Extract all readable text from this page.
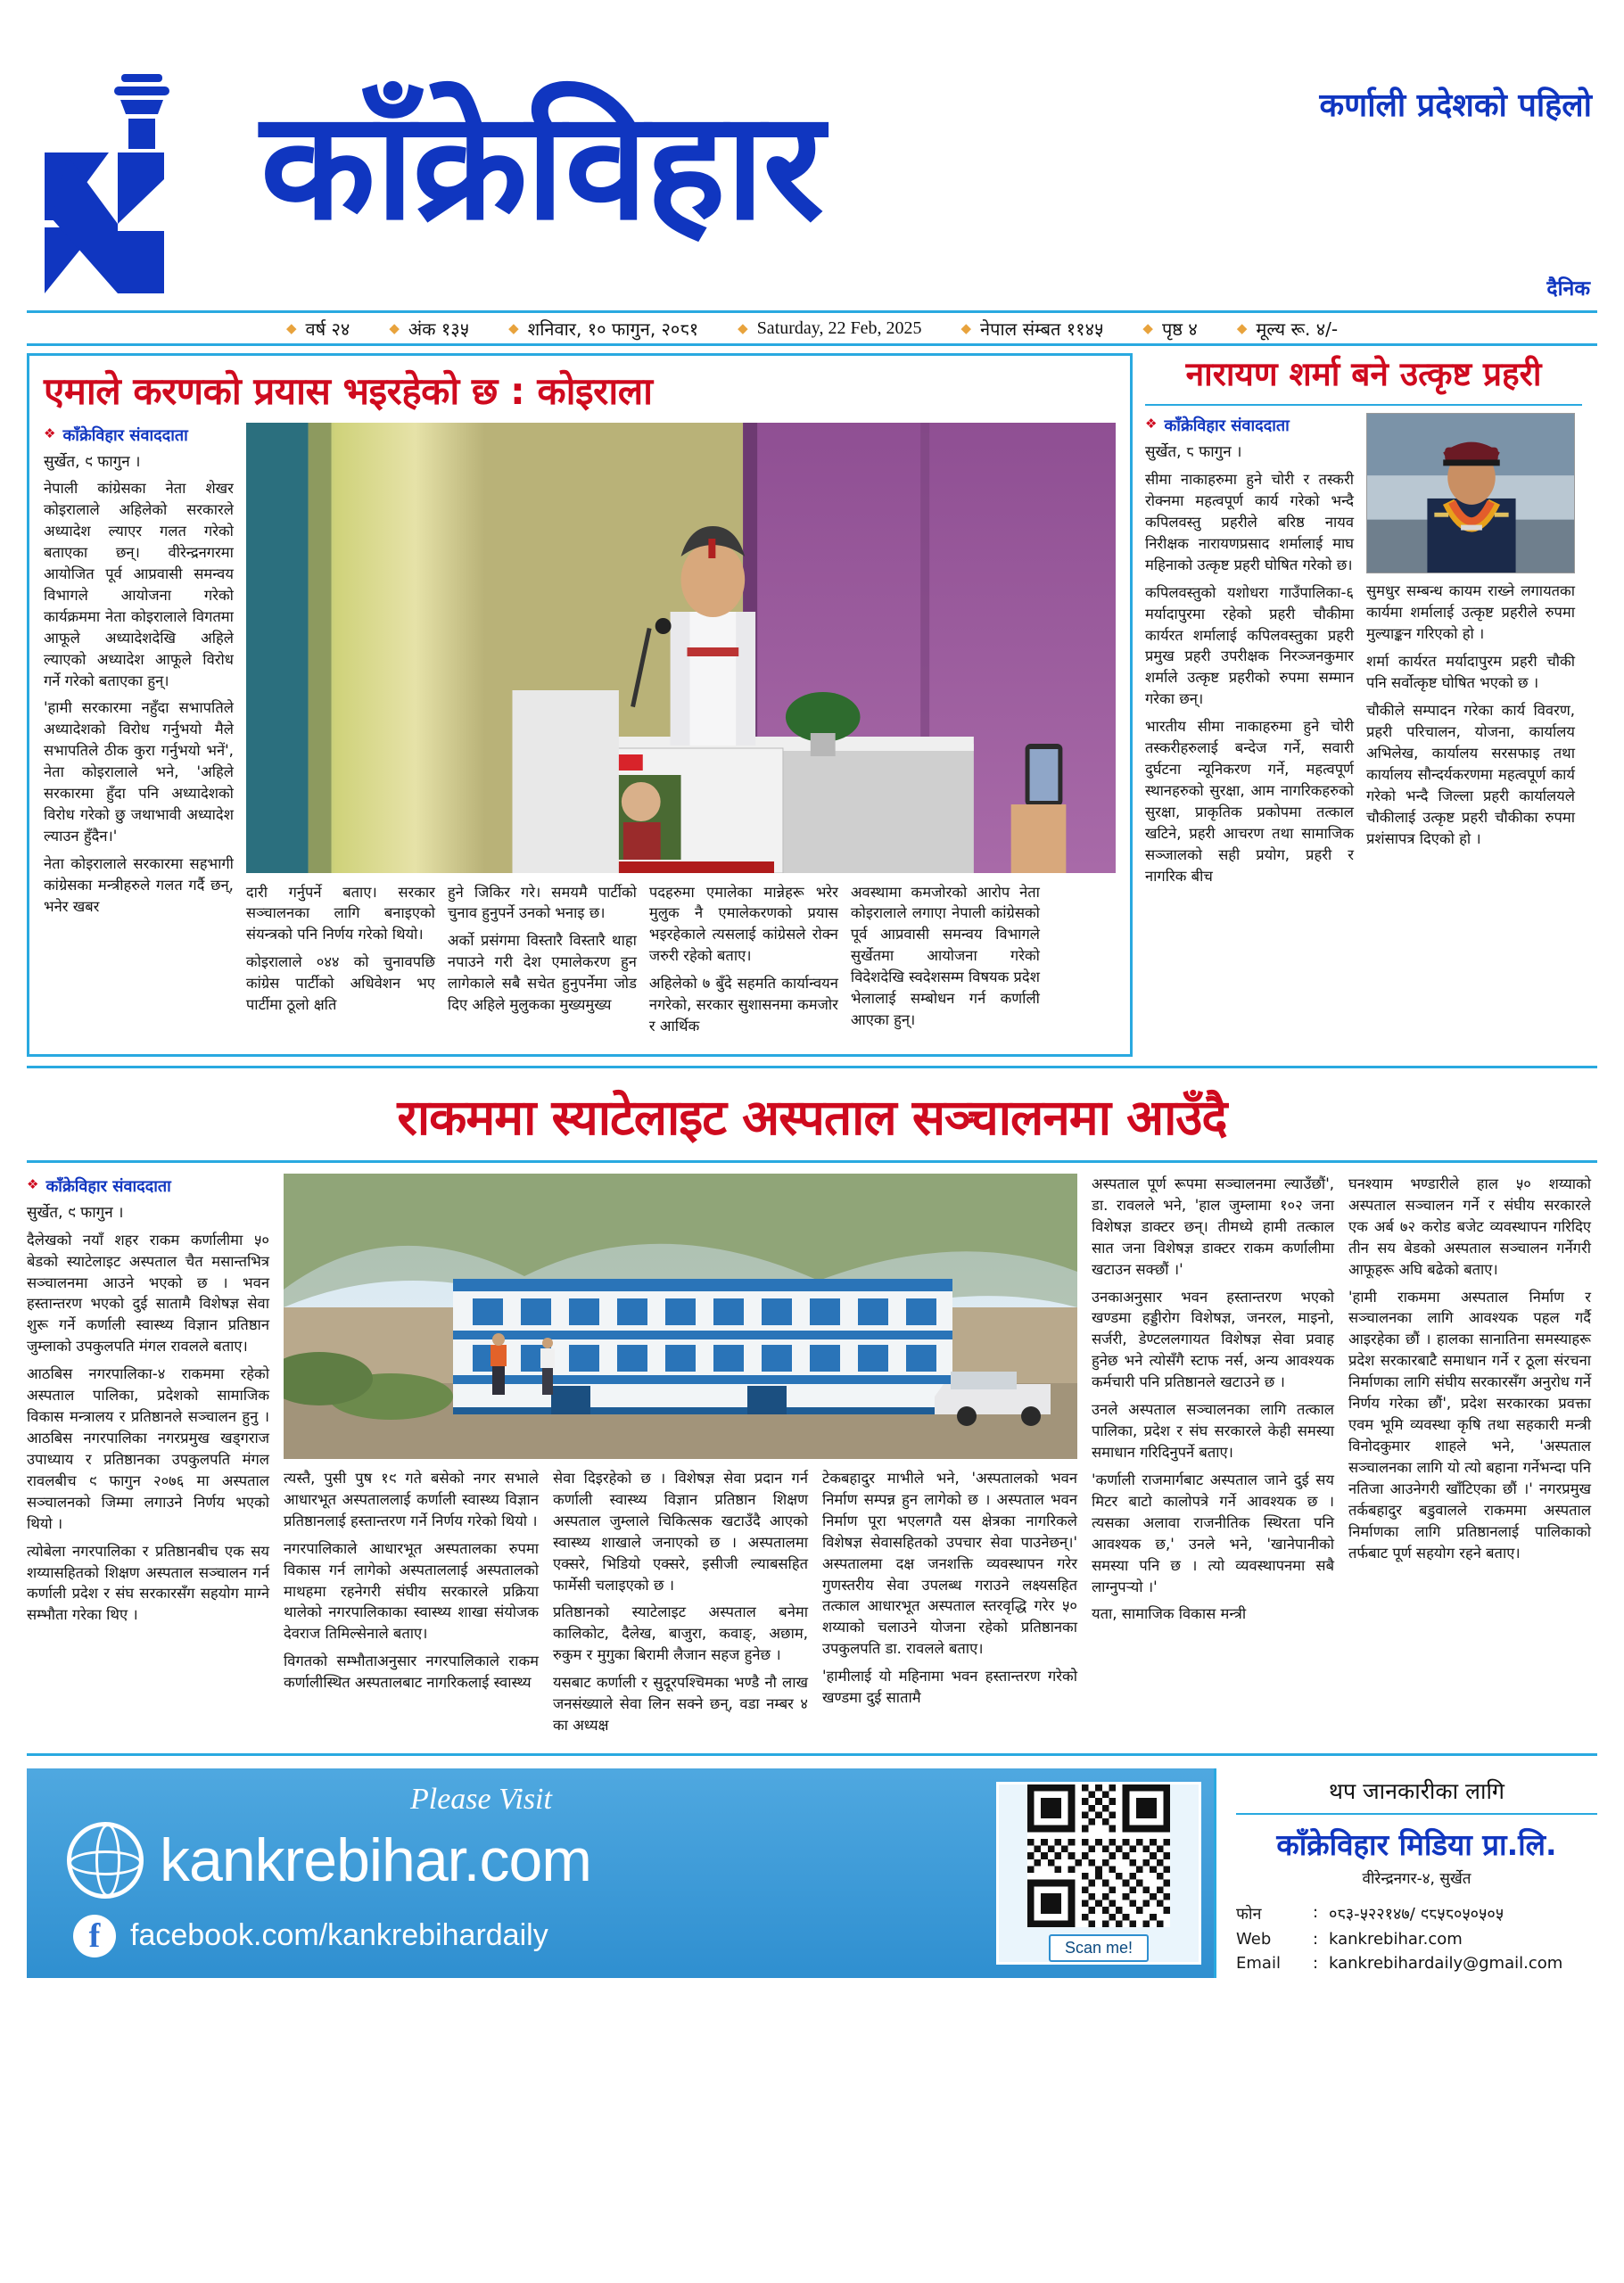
कर्णाली प्रदेशको पहिलो
काँक्रेविहार
दैनिक
◆ वर्ष २४	◆ अंक १३५	◆ शनिवार, १० फागुन, २०८१	◆ Saturday, 22 Feb, 2025	◆ नेपाल संम्बत ११४५	◆ पृष्ठ ४	◆ मूल्य रू. ४/-
एमाले करणको प्रयास भइरहेको छ : कोइराला
❖ काँक्रेविहार संवाददाता
सुर्खेत, ९ फागुन ।

नेपाली कांग्रेसका नेता शेखर कोइरालाले अहिलेको सरकारले अध्यादेश ल्याएर गलत गरेको बताएका छन्। वीरेन्द्रनगरमा आयोजित पूर्व आप्रवासी समन्वय विभागले आयोजना गरेको कार्यक्रममा नेता कोइरालाले विगतमा आफूले अध्यादेशदेखि अहिले ल्याएको अध्यादेश आफूले विरोध गर्ने गरेको बताएका हुन्।

'हामी सरकारमा नहुँदा सभापतिले अध्यादेशको विरोध गर्नुभयो मैले सभापतिले ठीक कुरा गर्नुभयो भनें', नेता कोइरालाले भने, 'अहिले सरकारमा हुँदा पनि अध्यादेशको विरोध गरेको छु जथाभावी अध्यादेश ल्याउन हुँदैन।'

नेता कोइरालाले सरकारमा सहभागी कांग्रेसका मन्त्रीहरुले गलत गर्दै छन्, भनेर खबर

दारी गर्नुपर्ने बताए। सरकार सञ्चालनका लागि बनाइएको संयन्त्रको पनि निर्णय गरेको थियो।

कोइरालाले ०४४ को चुनावपछि कांग्रेस पार्टीको अधिवेशन भए पार्टीमा ठूलो क्षति

हुने जिकिर गरे। समयमै पार्टीको चुनाव हुनुपर्ने उनको भनाइ छ।

अर्को प्रसंगमा विस्तारै विस्तारै थाहा नपाउने गरी देश एमालेकरण हुन लागेकाले सबै सचेत हुनुपर्नेमा जोड दिए अहिले मुलुकका मुख्यमुख्य

पदहरुमा एमालेका मान्नेहरू भरेर मुलुक नै एमालेकरणको प्रयास भइरहेकाले त्यसलाई कांग्रेसले रोक्न जरुरी रहेको बताए।

अहिलेको ७ बुँदे सहमति कार्यान्वयन नगरेको, सरकार सुशासनमा कमजोर र आर्थिक

अवस्थामा कमजोरको आरोप नेता कोइरालाले लगाएा नेपाली कांग्रेसको पूर्व आप्रवासी समन्वय विभागले सुर्खेतमा आयोजना गरेको विदेशदेखि स्वदेशसम्म विषयक प्रदेश भेलालाई सम्बोधन गर्न कर्णाली आएका हुन्।

नारायण शर्मा बने उत्कृष्ट प्रहरी
❖ काँक्रेविहार संवाददाता
सुर्खेत, ८ फागुन ।

सीमा नाकाहरुमा हुने चोरी र तस्करी रोक्नमा महत्वपूर्ण कार्य गरेको भन्दै कपिलवस्तु प्रहरीले बरिष्ठ नायव निरीक्षक नारायणप्रसाद शर्मालाई माघ महिनाको उत्कृष्ट प्रहरी घोषित गरेको छ।

कपिलवस्तुको यशोधरा गाउँपालिका-६ मर्यादापुरमा रहेको प्रहरी चौकीमा कार्यरत शर्मालाई कपिलवस्तुका प्रहरी प्रमुख प्रहरी उपरीक्षक निरञ्जनकुमार शर्माले उत्कृष्ट प्रहरीको रुपमा सम्मान गरेका छन्।

भारतीय सीमा नाकाहरुमा हुने चोरी तस्करीहरुलाई बन्देज गर्ने, सवारी दुर्घटना न्यूनिकरण गर्ने, महत्वपूर्ण स्थानहरुको सुरक्षा, आम नागरिकहरुको सुरक्षा, प्राकृतिक प्रकोपमा तत्काल खटिने, प्रहरी आचरण तथा सामाजिक सञ्जालको सही प्रयोग, प्रहरी र नागरिक बीच

सुमधुर सम्बन्ध कायम राख्ने लगायतका कार्यमा शर्मालाई उत्कृष्ट प्रहरीले रुपमा मुल्याङ्कन गरिएको हो ।

शर्मा कार्यरत मर्यादापुरम प्रहरी चौकी पनि सर्वोत्कृष्ट घोषित भएको छ ।

चौकीले सम्पादन गरेका कार्य विवरण, प्रहरी परिचालन, योजना, कार्यालय अभिलेख, कार्यालय सरसफाइ तथा कार्यालय सौन्दर्यकरणमा महत्वपूर्ण कार्य गरेको भन्दै जिल्ला प्रहरी कार्यालयले चौकीलाई उत्कृष्ट प्रहरी चौकीका रुपमा प्रशंसापत्र दिएको हो ।

राकममा स्याटेलाइट अस्पताल सञ्चालनमा आउँदै
❖ काँक्रेविहार संवाददाता
सुर्खेत, ९ फागुन ।

दैलेखको नयाँ शहर राकम कर्णालीमा ५० बेडको स्याटेलाइट अस्पताल चैत मसान्तभित्र सञ्चालनमा आउने भएको छ । भवन हस्तान्तरण भएको दुई सातामै विशेषज्ञ सेवा शुरू गर्ने कर्णाली स्वास्थ्य विज्ञान प्रतिष्ठान जुम्लाको उपकुलपति मंगल रावलले बताए।

आठबिस नगरपालिका-४ राकममा रहेको अस्पताल पालिका, प्रदेशको सामाजिक विकास मन्त्रालय र प्रतिष्ठानले सञ्चालन हुनु । आठबिस नगरपालिका नगरप्रमुख खड्गराज उपाध्याय र प्रतिष्ठानका उपकुलपति मंगल रावलबीच ९ फागुन २०७६ मा अस्पताल सञ्चालनको जिम्मा लगाउने निर्णय भएको थियो ।

त्योबेला नगरपालिका र प्रतिष्ठानबीच एक सय शय्यासहितको शिक्षण अस्पताल सञ्चालन गर्न कर्णाली प्रदेश र संघ सरकारसँग सहयोग माग्ने सम्भौता गरेका थिए ।

त्यस्तै, पुसी पुष १९ गते बसेको नगर सभाले आधारभूत अस्पताललाई कर्णाली स्वास्थ्य विज्ञान प्रतिष्ठानलाई हस्तान्तरण गर्ने निर्णय गरेको थियो ।

नगरपालिकाले आधारभूत अस्पतालका रुपमा विकास गर्न लागेको अस्पताललाई अस्पतालको माथहमा रहनेगरी संघीय सरकारले प्रक्रिया थालेको नगरपालिकाका स्वास्थ्य शाखा संयोजक देवराज तिमिल्सेनाले बताए।

विगतको सम्भौताअनुसार नगरपालिकाले राकम कर्णालीस्थित अस्पतालबाट नागरिकलाई स्वास्थ्य

सेवा दिइरहेको छ । विशेषज्ञ सेवा प्रदान गर्न कर्णाली स्वास्थ्य विज्ञान प्रतिष्ठान शिक्षण अस्पताल जुम्लाले चिकित्सक खटाउँदै आएको स्वास्थ्य शाखाले जनाएको छ । अस्पतालमा एक्सरे, भिडियो एक्सरे, इसीजी ल्याबसहित फार्मेसी चलाइएको छ ।

प्रतिष्ठानको स्याटेलाइट अस्पताल बनेमा कालिकोट, दैलेख, बाजुरा, कवाङ्, अछाम, रुकुम र मुगुका बिरामी लैजान सहज हुनेछ ।

यसबाट कर्णाली र सुदूरपश्चिमका भण्डै नौ लाख जनसंख्याले सेवा लिन सक्ने छन्, वडा नम्बर ४ का अध्यक्ष

टेकबहादुर माभीले भने, 'अस्पतालको भवन निर्माण सम्पन्न हुन लागेको छ । अस्पताल भवन निर्माण पूरा भएलगतै यस क्षेत्रका नागरिकले विशेषज्ञ सेवासहितको उपचार सेवा पाउनेछन्।' अस्पतालमा दक्ष जनशक्ति व्यवस्थापन गरेर गुणस्तरीय सेवा उपलब्ध गराउने लक्ष्यसहित तत्काल आधारभूत अस्पताल स्तरवृद्धि गरेर ५० शय्याको चलाउने योजना रहेको प्रतिष्ठानका उपकुलपति डा. रावलले बताए।

'हामीलाई यो महिनामा भवन हस्तान्तरण गरेकोे खण्डमा दुई सातामै

अस्पताल पूर्ण रूपमा सञ्चालनमा ल्याउँछौं', डा. रावलले भने, 'हाल जुम्लामा १०२ जना विशेषज्ञ डाक्टर छन्। तीमध्ये हामी तत्काल सात जना विशेषज्ञ डाक्टर राकम कर्णालीमा खटाउन सक्छौं ।'

उनकाअनुसार भवन हस्तान्तरण भएको खण्डमा हड्डीरोग विशेषज्ञ, जनरल, माइनो, सर्जरी, डेण्टललगायत विशेषज्ञ सेवा प्रवाह हुनेछ भने त्योसँगै स्टाफ नर्स, अन्य आवश्यक कर्मचारी पनि प्रतिष्ठानले खटाउने छ ।

उनले अस्पताल सञ्चालनका लागि तत्काल पालिका, प्रदेश र संघ सरकारले केही समस्या समाधान गरिदिनुपर्ने बताए।

'कर्णाली राजमार्गबाट अस्पताल जाने दुई सय मिटर बाटो कालोपत्रे गर्ने आवश्यक छ । त्यसका अलावा राजनीतिक स्थिरता पनि आवश्यक छ,' उनले भने, 'खानेपानीको समस्या पनि छ । त्यो व्यवस्थापनमा सबै लाग्नुपर्‍यो ।'

यता, सामाजिक विकास मन्त्री

घनश्याम भण्डारीले हाल ५० शय्याको अस्पताल सञ्चालन गर्ने र संघीय सरकारले एक अर्ब ७२ करोड बजेट व्यवस्थापन गरिदिए तीन सय बेडको अस्पताल सञ्चालन गर्नेगरी आफूहरू अघि बढेको बताए।

'हामी राकममा अस्पताल निर्माण र सञ्चालनका लागि आवश्यक पहल गर्दै आइरहेका छौं । हालका सानातिना समस्याहरू प्रदेश सरकारबाटै समाधान गर्ने र ठूला संरचना निर्माणका लागि संघीय सरकारसँग अनुरोध गर्ने निर्णय गरेका छौं', प्रदेश सरकारका प्रवक्ता एवम भूमि व्यवस्था कृषि तथा सहकारी मन्त्री विनोदकुमार शाहले भने, 'अस्पताल सञ्चालनका लागि यो त्यो बहाना गर्नेभन्दा पनि नतिजा आउनेगरी खाँटिएका छौं ।' नगरप्रमुख तर्कबहादुर बडुवालले राकममा अस्पताल निर्माणका लागि प्रतिष्ठानलाई पालिकाको तर्फबाट पूर्ण सहयोग रहने बताए।

Please Visit
kankrebihar.com
f facebook.com/kankrebihardaily	Scan me!
थप जानकारीका लागि
काँक्रेविहार मिडिया प्रा.लि.
वीरेन्द्रनगर-४, सुर्खेत
फोन	: ०८३-५२२१४७/ ९८५८०५०५०५
Web	: kankrebihar.com
Email	: kankrebihardaily@gmail.com
